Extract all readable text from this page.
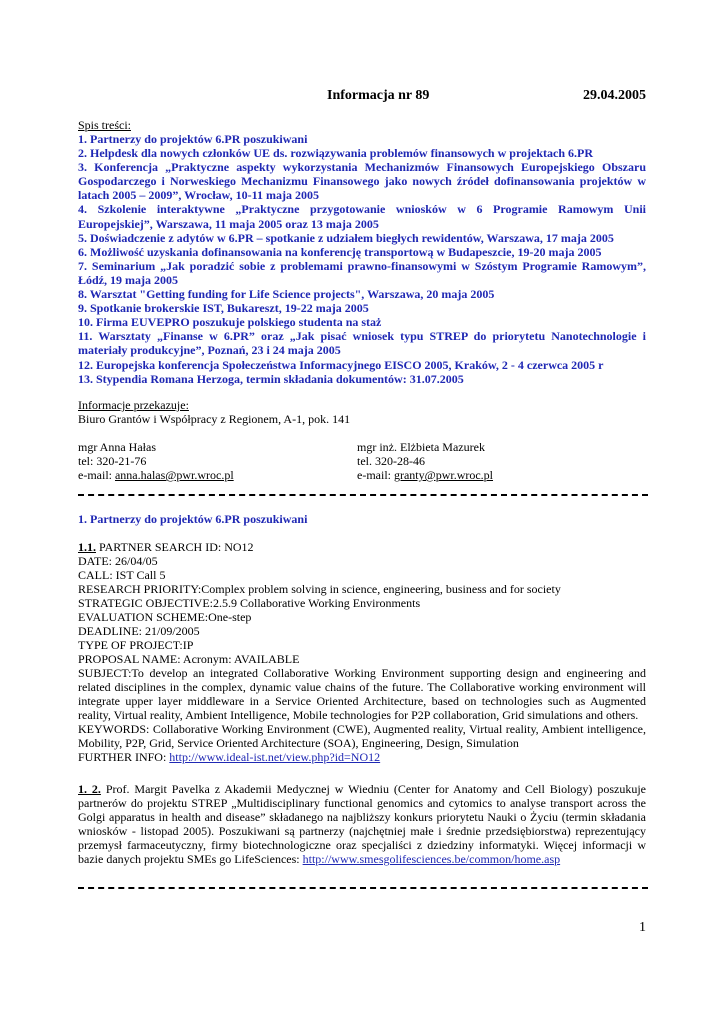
Informacja nr 89	29.04.2005
Spis treści:

1. Partnerzy do projektów 6.PR poszukiwani

2. Helpdesk dla nowych członków UE ds. rozwiązywania problemów finansowych w projektach 6.PR

3. Konferencja „Praktyczne aspekty wykorzystania Mechanizmów Finansowych Europejskiego Obszaru Gospodarczego i Norweskiego Mechanizmu Finansowego jako nowych źródeł dofinansowania projektów w latach 2005 – 2009”, Wrocław, 10-11 maja 2005

4. Szkolenie interaktywne „Praktyczne przygotowanie wniosków w 6 Programie Ramowym Unii Europejskiej”, Warszawa, 11 maja 2005 oraz 13 maja 2005

5. Doświadczenie z adytów w 6.PR – spotkanie z udziałem biegłych rewidentów, Warszawa, 17 maja 2005

6. Możliwość uzyskania dofinansowania na konferencję transportową w Budapeszcie, 19-20 maja 2005

7. Seminarium „Jak poradzić sobie z problemami prawno-finansowymi w Szóstym Programie Ramowym”, Łódź, 19 maja 2005

8. Warsztat "Getting funding for Life Science projects", Warszawa, 20 maja 2005

9. Spotkanie brokerskie IST, Bukareszt, 19-22 maja 2005

10. Firma EUVEPRO poszukuje polskiego studenta na staż

11. Warsztaty „Finanse w 6.PR” oraz „Jak pisać wniosek typu STREP do priorytetu Nanotechnologie i materiały produkcyjne”, Poznań, 23 i 24 maja 2005

12. Europejska konferencja Społeczeństwa Informacyjnego EISCO 2005, Kraków, 2 - 4 czerwca 2005 r

13. Stypendia Romana Herzoga, termin składania dokumentów: 31.07.2005

Informacje przekazuje:
Biuro Grantów i Współpracy z Regionem, A-1, pok. 141
mgr Anna Hałas	mgr inż. Elżbieta Mazurek
tel: 320-21-76	tel. 320-28-46
e-mail: anna.halas@pwr.wroc.pl	e-mail: granty@pwr.wroc.pl
1. Partnerzy do projektów 6.PR poszukiwani

1.1. PARTNER SEARCH ID: NO12

DATE: 26/04/05

CALL: IST Call 5

RESEARCH PRIORITY:Complex problem solving in science, engineering, business and for society

STRATEGIC OBJECTIVE:2.5.9 Collaborative Working Environments

EVALUATION SCHEME:One-step

DEADLINE: 21/09/2005

TYPE OF PROJECT:IP

PROPOSAL NAME: Acronym: AVAILABLE

SUBJECT:To develop an integrated Collaborative Working Environment supporting design and engineering and related disciplines in the complex, dynamic value chains of the future. The Collaborative working environment will integrate upper layer middleware in a Service Oriented Architecture, based on technologies such as Augmented reality, Virtual reality, Ambient Intelligence, Mobile technologies for P2P collaboration, Grid simulations and others.

KEYWORDS: Collaborative Working Environment (CWE), Augmented reality, Virtual reality, Ambient intelligence, Mobility, P2P, Grid, Service Oriented Architecture (SOA), Engineering, Design, Simulation

FURTHER INFO: http://www.ideal-ist.net/view.php?id=NO12

1. 2. Prof. Margit Pavelka z Akademii Medycznej w Wiedniu (Center for Anatomy and Cell Biology) poszukuje partnerów do projektu STREP „Multidisciplinary functional genomics and cytomics to analyse transport across the Golgi apparatus in health and disease” składanego na najbliższy konkurs priorytetu Nauki o Życiu (termin składania wniosków - listopad 2005). Poszukiwani są partnerzy (najchętniej małe i średnie przedsiębiorstwa) reprezentujący przemysł farmaceutyczny, firmy biotechnologiczne oraz specjaliści z dziedziny informatyki. Więcej informacji w bazie danych projektu SMEs go LifeSciences: http://www.smesgolifesciences.be/common/home.asp

1
